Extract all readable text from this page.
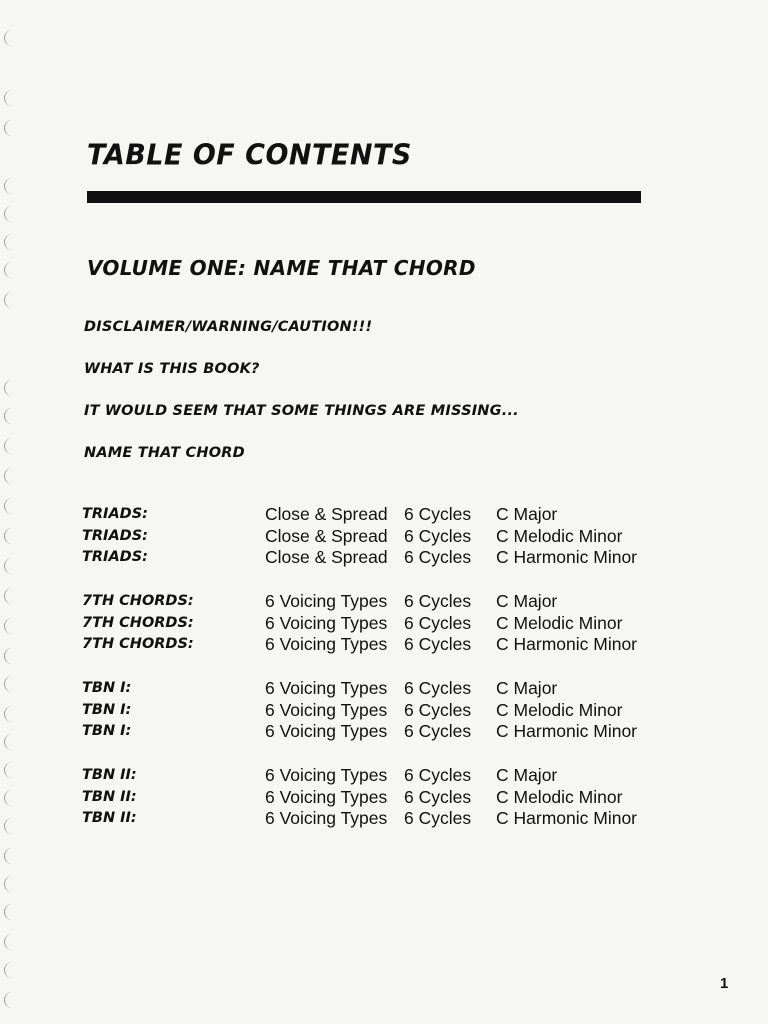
TABLE OF CONTENTS
VOLUME ONE: NAME THAT CHORD
DISCLAIMER/WARNING/CAUTION!!!
WHAT IS THIS BOOK?
IT WOULD SEEM THAT SOME THINGS ARE MISSING...
NAME THAT CHORD
TRIADS:	Close & Spread 6 Cycles C Major
TRIADS:	Close & Spread 6 Cycles C Melodic Minor
TRIADS:	Close & Spread 6 Cycles C Harmonic Minor
7TH CHORDS:	6 Voicing Types 6 Cycles C Major
7TH CHORDS:	6 Voicing Types 6 Cycles C Melodic Minor
7TH CHORDS:	6 Voicing Types 6 Cycles C Harmonic Minor
TBN I:	6 Voicing Types 6 Cycles C Major
TBN I:	6 Voicing Types 6 Cycles C Melodic Minor
TBN I:	6 Voicing Types 6 Cycles C Harmonic Minor
TBN II:	6 Voicing Types 6 Cycles C Major
TBN II:	6 Voicing Types 6 Cycles C Melodic Minor
TBN II:	6 Voicing Types 6 Cycles C Harmonic Minor
1
